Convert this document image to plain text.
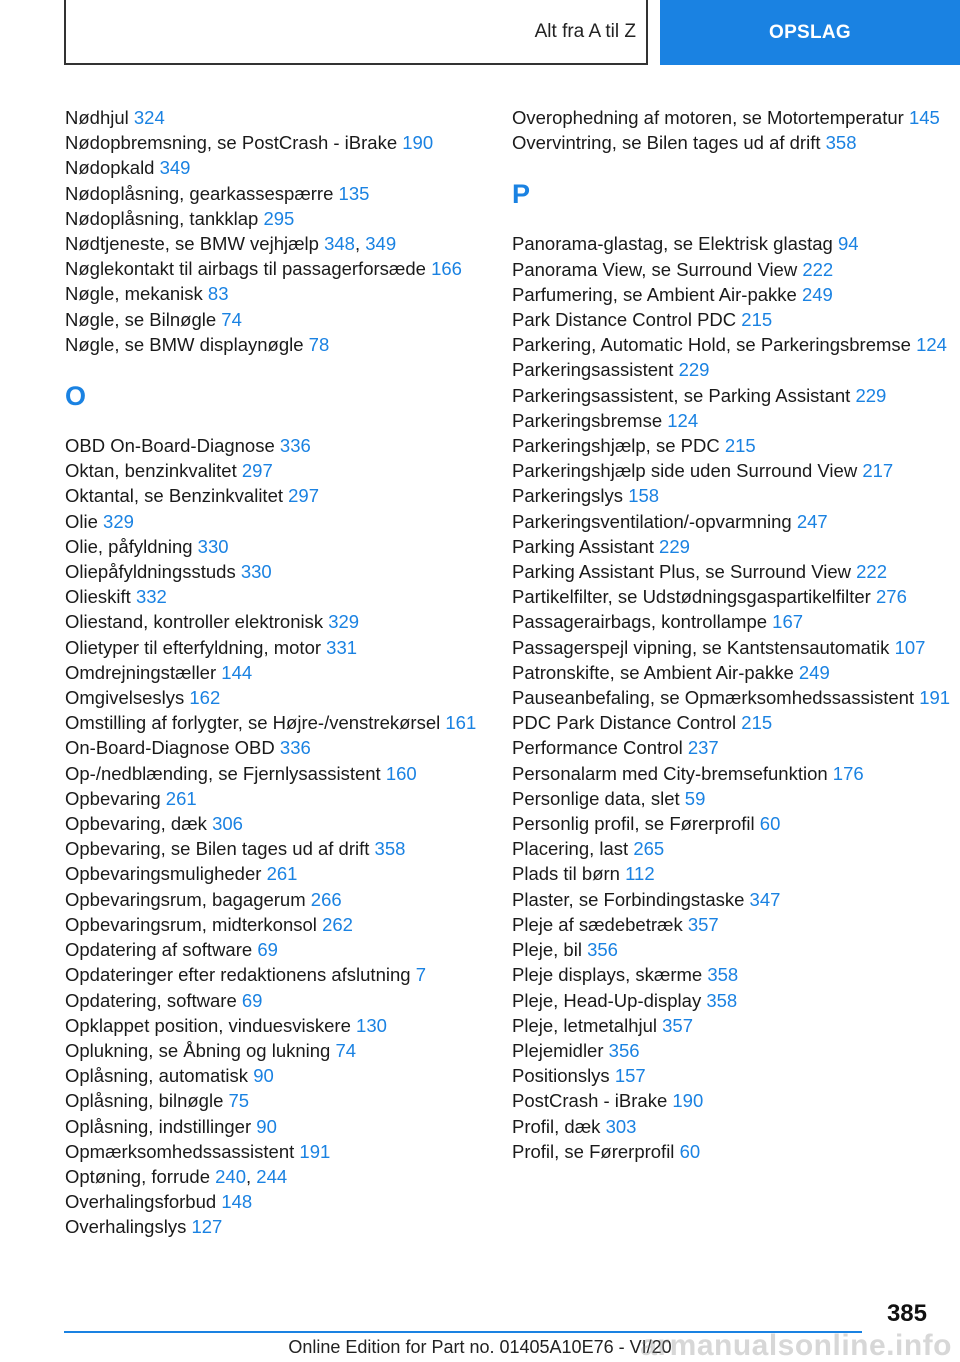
Alt fra A til Z	OPSLAG
Nødhjul 324
Nødopbremsning, se PostCrash - iBrake 190
Nødopkald 349
Nødoplåsning, gearkassespærre 135
Nødoplåsning, tankklap 295
Nødtjeneste, se BMW vejhjælp 348, 349
Nøglekontakt til airbags til passagerforsæde 166
Nøgle, mekanisk 83
Nøgle, se Bilnøgle 74
Nøgle, se BMW displaynøgle 78
O
OBD On-Board-Diagnose 336
Oktan, benzinkvalitet 297
Oktantal, se Benzinkvalitet 297
Olie 329
Olie, påfyldning 330
Oliepåfyldningsstuds 330
Olieskift 332
Oliestand, kontroller elektronisk 329
Olietyper til efterfyldning, motor 331
Omdrejningstæller 144
Omgivelseslys 162
Omstilling af forlygter, se Højre-/venstrekørsel 161
On-Board-Diagnose OBD 336
Op-/nedblænding, se Fjernlysassistent 160
Opbevaring 261
Opbevaring, dæk 306
Opbevaring, se Bilen tages ud af drift 358
Opbevaringsmuligheder 261
Opbevaringsrum, bagagerum 266
Opbevaringsrum, midterkonsol 262
Opdatering af software 69
Opdateringer efter redaktionens afslutning 7
Opdatering, software 69
Opklappet position, vinduesviskere 130
Oplukning, se Åbning og lukning 74
Oplåsning, automatisk 90
Oplåsning, bilnøgle 75
Oplåsning, indstillinger 90
Opmærksomhedssassistent 191
Optøning, forrude 240, 244
Overhalingsforbud 148
Overhalingslys 127
Overophedning af motoren, se Motortemperatur 145
Overvintring, se Bilen tages ud af drift 358
P
Panorama-glastag, se Elektrisk glastag 94
Panorama View, se Surround View 222
Parfumering, se Ambient Air-pakke 249
Park Distance Control PDC 215
Parkering, Automatic Hold, se Parkeringsbremse 124
Parkeringsassistent 229
Parkeringsassistent, se Parking Assistant 229
Parkeringsbremse 124
Parkeringshjælp, se PDC 215
Parkeringshjælp side uden Surround View 217
Parkeringslys 158
Parkeringsventilation/-opvarmning 247
Parking Assistant 229
Parking Assistant Plus, se Surround View 222
Partikelfilter, se Udstødningsgaspartikelfilter 276
Passagerairbags, kontrollampe 167
Passagerspejl vipning, se Kantstensautomatik 107
Patronskifte, se Ambient Air-pakke 249
Pauseanbefaling, se Opmærksomhedssassistent 191
PDC Park Distance Control 215
Performance Control 237
Personalarm med City-bremsefunktion 176
Personlige data, slet 59
Personlig profil, se Førerprofil 60
Placering, last 265
Plads til børn 112
Plaster, se Forbindingstaske 347
Pleje af sædebetræk 357
Pleje, bil 356
Pleje displays, skærme 358
Pleje, Head-Up-display 358
Pleje, letmetalhjul 357
Plejemidler 356
Positionslys 157
PostCrash - iBrake 190
Profil, dæk 303
Profil, se Førerprofil 60
385
Online Edition for Part no. 01405A10E76 - VI/20
armanualsonline.info
